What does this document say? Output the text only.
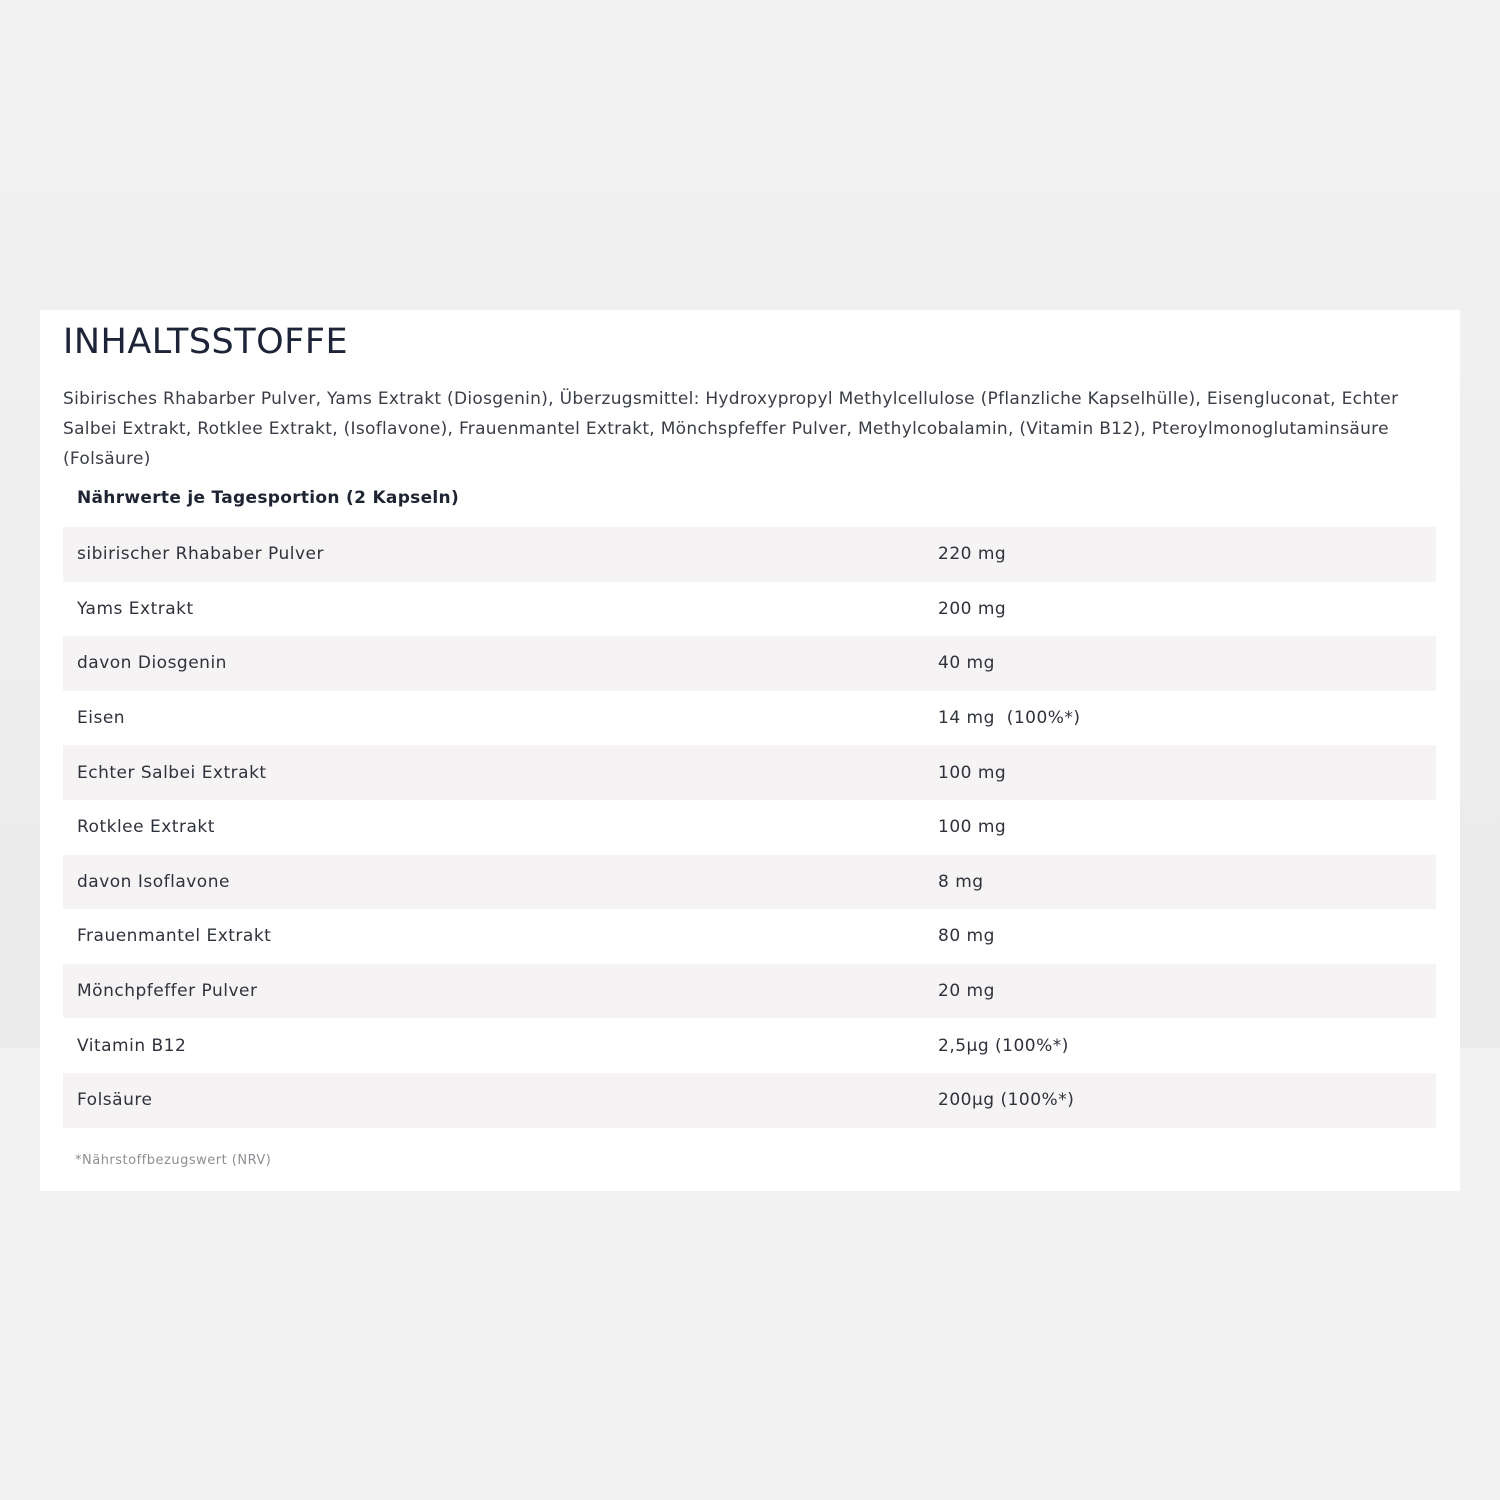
INHALTSSTOFFE

Sibirisches Rhabarber Pulver, Yams Extrakt (Diosgenin), Überzugsmittel: Hydroxypropyl Methylcellulose (Pflanzliche Kapselhülle), Eisengluconat, Echter Salbei Extrakt, Rotklee Extrakt, (Isoflavone), Frauenmantel Extrakt, Mönchspfeffer Pulver, Methylcobalamin, (Vitamin B12), Pteroylmonoglutaminsäure (Folsäure)

Nährwerte je Tagesportion (2 Kapseln)
sibirischer Rhababer Pulver	220 mg
Yams Extrakt	200 mg
davon Diosgenin	40 mg
Eisen	14 mg  (100%*)
Echter Salbei Extrakt	100 mg
Rotklee Extrakt	100 mg
davon Isoflavone	8 mg
Frauenmantel Extrakt	80 mg
Mönchpfeffer Pulver	20 mg
Vitamin B12	2,5µg (100%*)
Folsäure	200µg (100%*)
*Nährstoffbezugswert (NRV)
